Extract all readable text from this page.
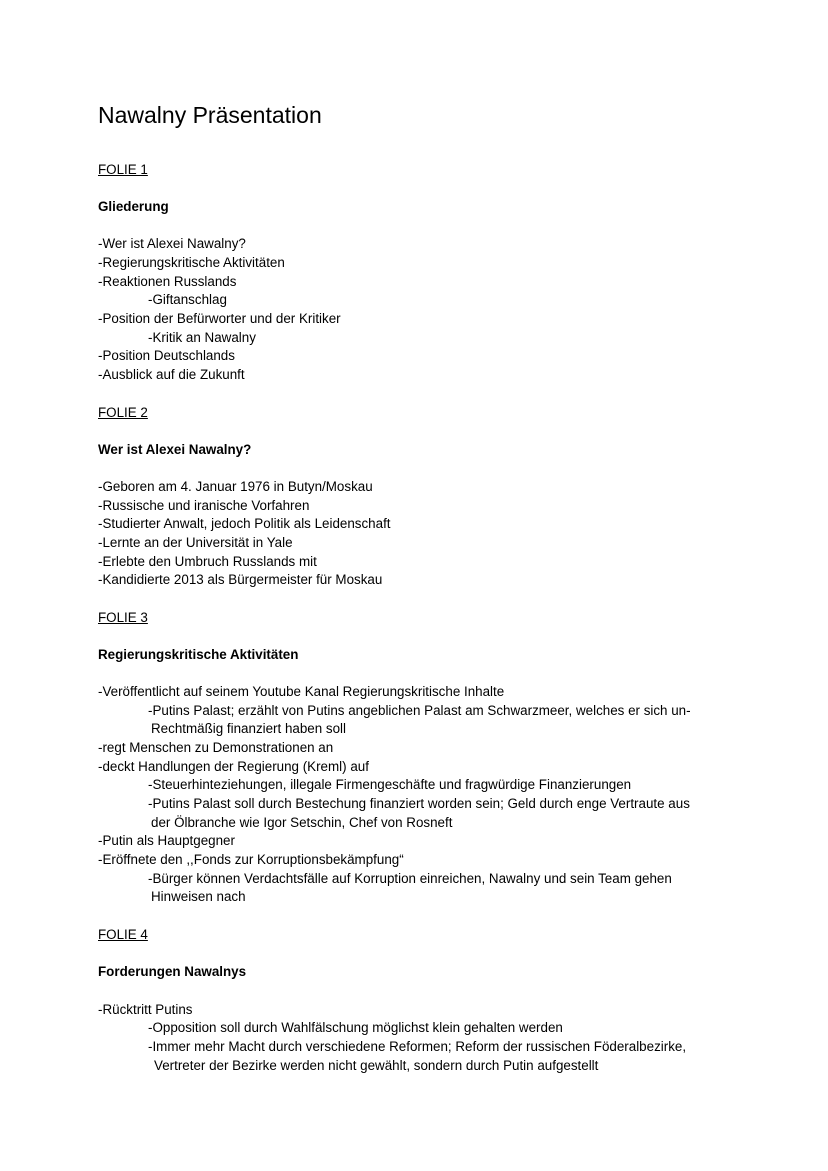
Nawalny Präsentation
FOLIE 1
Gliederung
-Wer ist Alexei Nawalny?
-Regierungskritische Aktivitäten
-Reaktionen Russlands
-Giftanschlag
-Position der Befürworter und der Kritiker
-Kritik an Nawalny
-Position Deutschlands
-Ausblick auf die Zukunft
FOLIE 2
Wer ist Alexei Nawalny?
-Geboren am 4. Januar 1976 in Butyn/Moskau
-Russische und iranische Vorfahren
-Studierter Anwalt, jedoch Politik als Leidenschaft
-Lernte an der Universität in Yale
-Erlebte den Umbruch Russlands mit
-Kandidierte 2013 als Bürgermeister für Moskau
FOLIE 3
Regierungskritische Aktivitäten
-Veröffentlicht auf seinem Youtube Kanal Regierungskritische Inhalte
-Putins Palast; erzählt von Putins angeblichen Palast am Schwarzmeer, welches er sich un-
Rechtmäßig finanziert haben soll
-regt Menschen zu Demonstrationen an
-deckt Handlungen der Regierung (Kreml) auf
-Steuerhinteziehungen, illegale Firmengeschäfte und fragwürdige Finanzierungen
-Putins Palast soll durch Bestechung finanziert worden sein; Geld durch enge Vertraute aus
der Ölbranche wie Igor Setschin, Chef von Rosneft
-Putin als Hauptgegner
-Eröffnete den ,,Fonds zur Korruptionsbekämpfung“
-Bürger können Verdachtsfälle auf Korruption einreichen, Nawalny und sein Team gehen
Hinweisen nach
FOLIE 4
Forderungen Nawalnys
-Rücktritt Putins
-Opposition soll durch Wahlfälschung möglichst klein gehalten werden
-Immer mehr Macht durch verschiedene Reformen; Reform der russischen Föderalbezirke,
Vertreter der Bezirke werden nicht gewählt, sondern durch Putin aufgestellt
